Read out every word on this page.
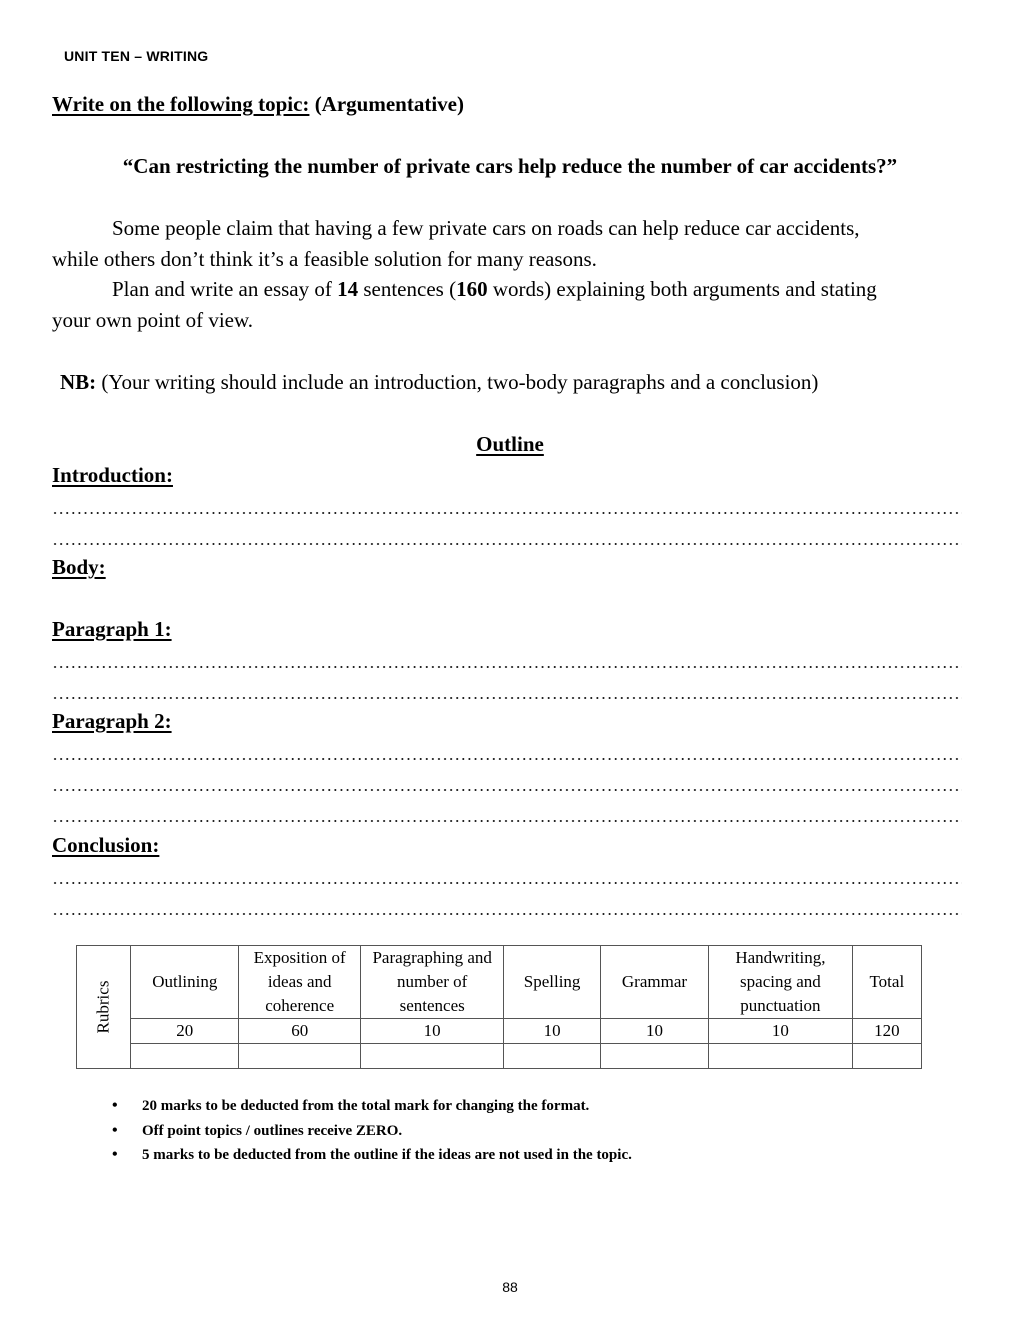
UNIT TEN – WRITING
Write on the following topic: (Argumentative)
“Can restricting the number of private cars help reduce the number of car accidents?”
Some people claim that having a few private cars on roads can help reduce car accidents,
while others don’t think it’s a feasible solution for many reasons.
Plan and write an essay of 14 sentences (160 words) explaining both arguments and stating
your own point of view.
NB: (Your writing should include an introduction, two-body paragraphs and a conclusion)
Outline
Introduction:
Body:
Paragraph 1:
Paragraph 2:
Conclusion:
Rubrics	Outlining	Exposition of ideas and coherence	Paragraphing and number of sentences	Spelling	Grammar	Handwriting, spacing and punctuation	Total
	20	60	10	10	10	10	120

• 20 marks to be deducted from the total mark for changing the format.
• Off point topics / outlines receive ZERO.
• 5 marks to be deducted from the outline if the ideas are not used in the topic.
88
